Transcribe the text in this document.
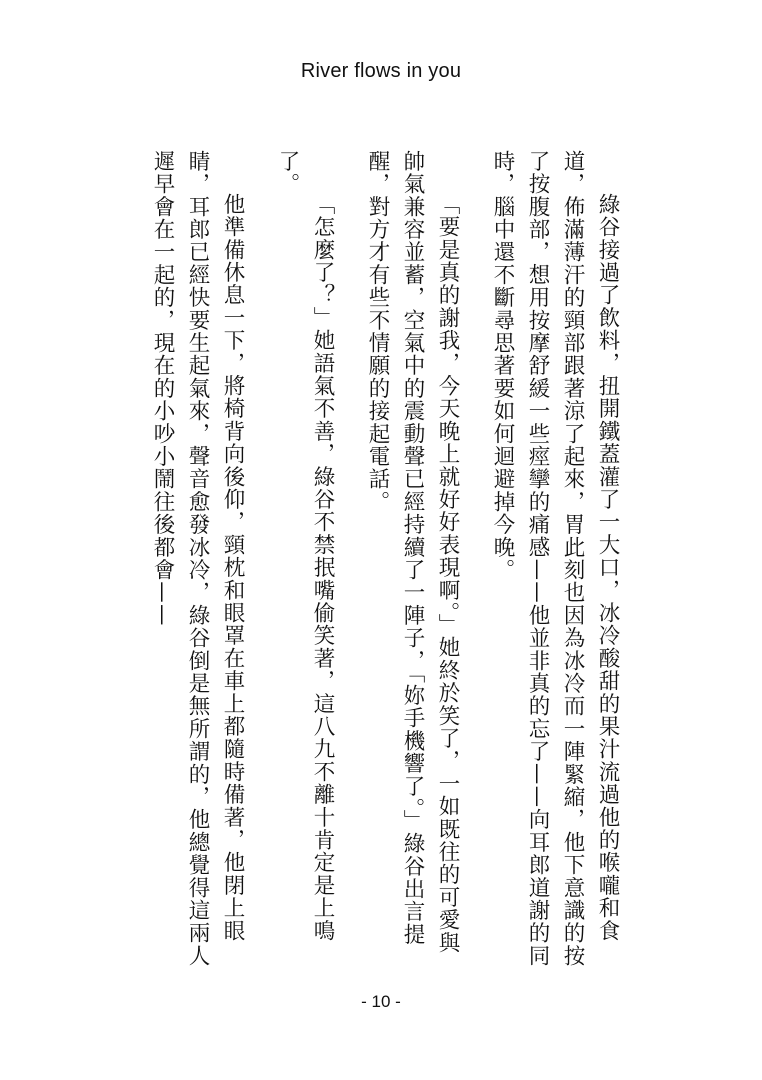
River flows in you

綠谷接過了飲料，扭開鐵蓋灌了一大口，冰冷酸甜的果汁流過他的喉嚨和食道，佈滿薄汗的頸部跟著涼了起來，胃此刻也因為冰冷而一陣緊縮，他下意識的按了按腹部，想用按摩舒緩一些痙攣的痛感——他並非真的忘了——向耳郎道謝的同時，腦中還不斷尋思著要如何迴避掉今晚。

「要是真的謝我，今天晚上就好好表現啊。」她終於笑了，一如既往的可愛與帥氣兼容並蓄，空氣中的震動聲已經持續了一陣子，「妳手機響了。」綠谷出言提醒，對方才有些不情願的接起電話。

「怎麼了？」她語氣不善，綠谷不禁抿嘴偷笑著，這八九不離十肯定是上鳴了。

他準備休息一下，將椅背向後仰，頸枕和眼罩在車上都隨時備著，他閉上眼睛，耳郎已經快要生起氣來，聲音愈發冰冷，綠谷倒是無所謂的，他總覺得這兩人遲早會在一起的，現在的小吵小鬧往後都會——

- 10 -
